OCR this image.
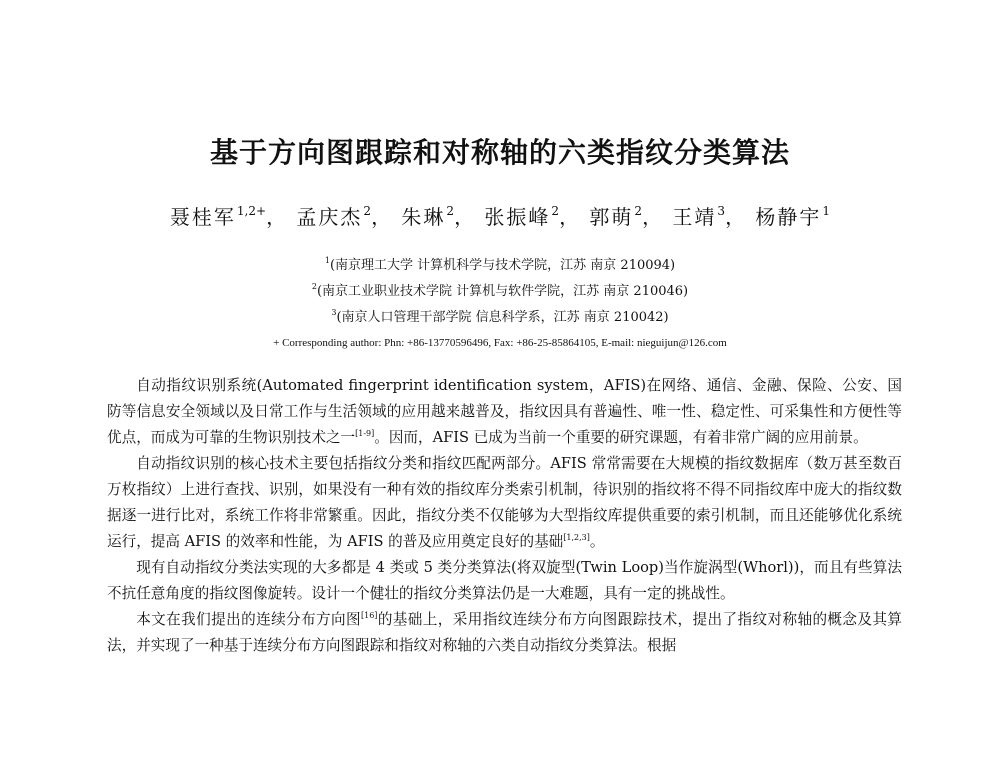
基于方向图跟踪和对称轴的六类指纹分类算法
聂桂军$^{1,2+}$， 孟庆杰$^2$， 朱琳$^2$， 张振峰$^2$， 郭萌$^2$， 王靖$^3$， 杨静宇$^1$
$^1$(南京理工大学 计算机科学与技术学院，江苏 南京 210094)
$^2$(南京工业职业技术学院 计算机与软件学院，江苏 南京 210046)
$^3$(南京人口管理干部学院 信息科学系，江苏 南京 210042)
+ Corresponding author: Phn: +86-13770596496, Fax: +86-25-85864105, E-mail: nieguijun@126.com

自动指纹识别系统(Automated fingerprint identification system，AFIS)在网络、通信、金融、保险、公安、国防等信息安全领域以及日常工作与生活领域的应用越来越普及，指纹因具有普遍性、唯一性、稳定性、可采集性和方便性等优点，而成为可靠的生物识别技术之一[1-9]。因而，AFIS 已成为当前一个重要的研究课题，有着非常广阔的应用前景。

自动指纹识别的核心技术主要包括指纹分类和指纹匹配两部分。AFIS 常常需要在大规模的指纹数据库（数万甚至数百万枚指纹）上进行查找、识别，如果没有一种有效的指纹库分类索引机制，待识别的指纹将不得不同指纹库中庞大的指纹数据逐一进行比对，系统工作将非常繁重。因此，指纹分类不仅能够为大型指纹库提供重要的索引机制，而且还能够优化系统运行，提高 AFIS 的效率和性能，为 AFIS 的普及应用奠定良好的基础[1,2,3]。

现有自动指纹分类法实现的大多都是 4 类或 5 类分类算法(将双旋型(Twin Loop)当作旋涡型(Whorl))，而且有些算法不抗任意角度的指纹图像旋转。设计一个健壮的指纹分类算法仍是一大难题，具有一定的挑战性。

本文在我们提出的连续分布方向图[16]的基础上，采用指纹连续分布方向图跟踪技术，提出了指纹对称轴的概念及其算法，并实现了一种基于连续分布方向图跟踪和指纹对称轴的六类自动指纹分类算法。根据
